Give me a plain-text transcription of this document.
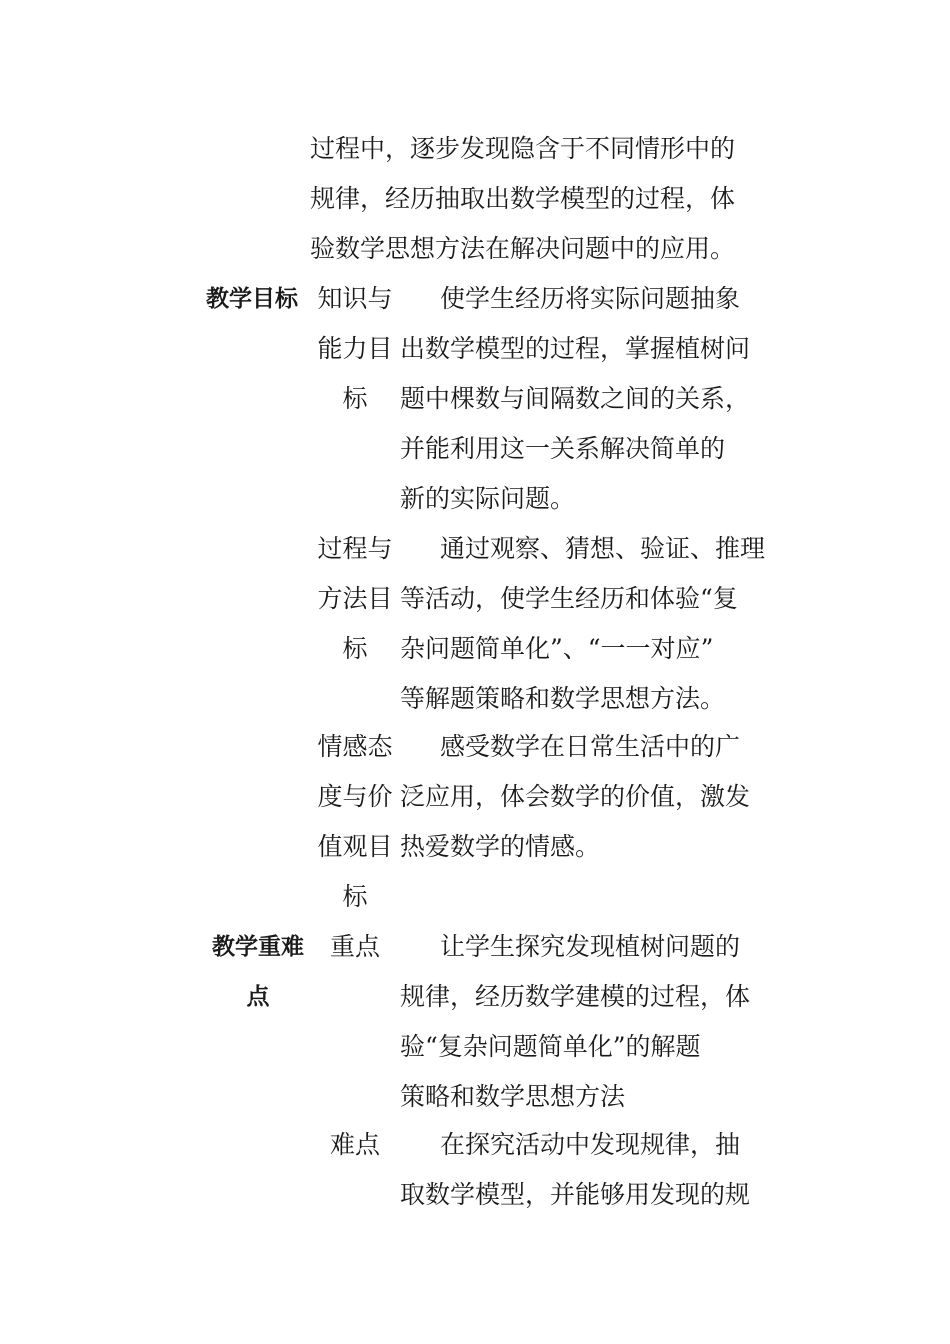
过程中，逐步发现隐含于不同情形中的
规律，经历抽取出数学模型的过程，体
验数学思想方法在解决问题中的应用。
教学目标 知识与
能力目
标
使学生经历将实际问题抽象
出数学模型的过程，掌握植树问
题中棵数与间隔数之间的关系，
并能利用这一关系解决简单的
新的实际问题。
过程与
方法目
标
通过观察、猜想、验证、推理
等活动，使学生经历和体验“复
杂问题简单化”、“一一对应”
等解题策略和数学思想方法。
情感态
度与价
值观目
标
感受数学在日常生活中的广
泛应用，体会数学的价值，激发
热爱数学的情感。
教学重难
点
重点	让学生探究发现植树问题的
规律，经历数学建模的过程，体
验“复杂问题简单化”的解题
策略和数学思想方法
难点	在探究活动中发现规律，抽
取数学模型，并能够用发现的规
